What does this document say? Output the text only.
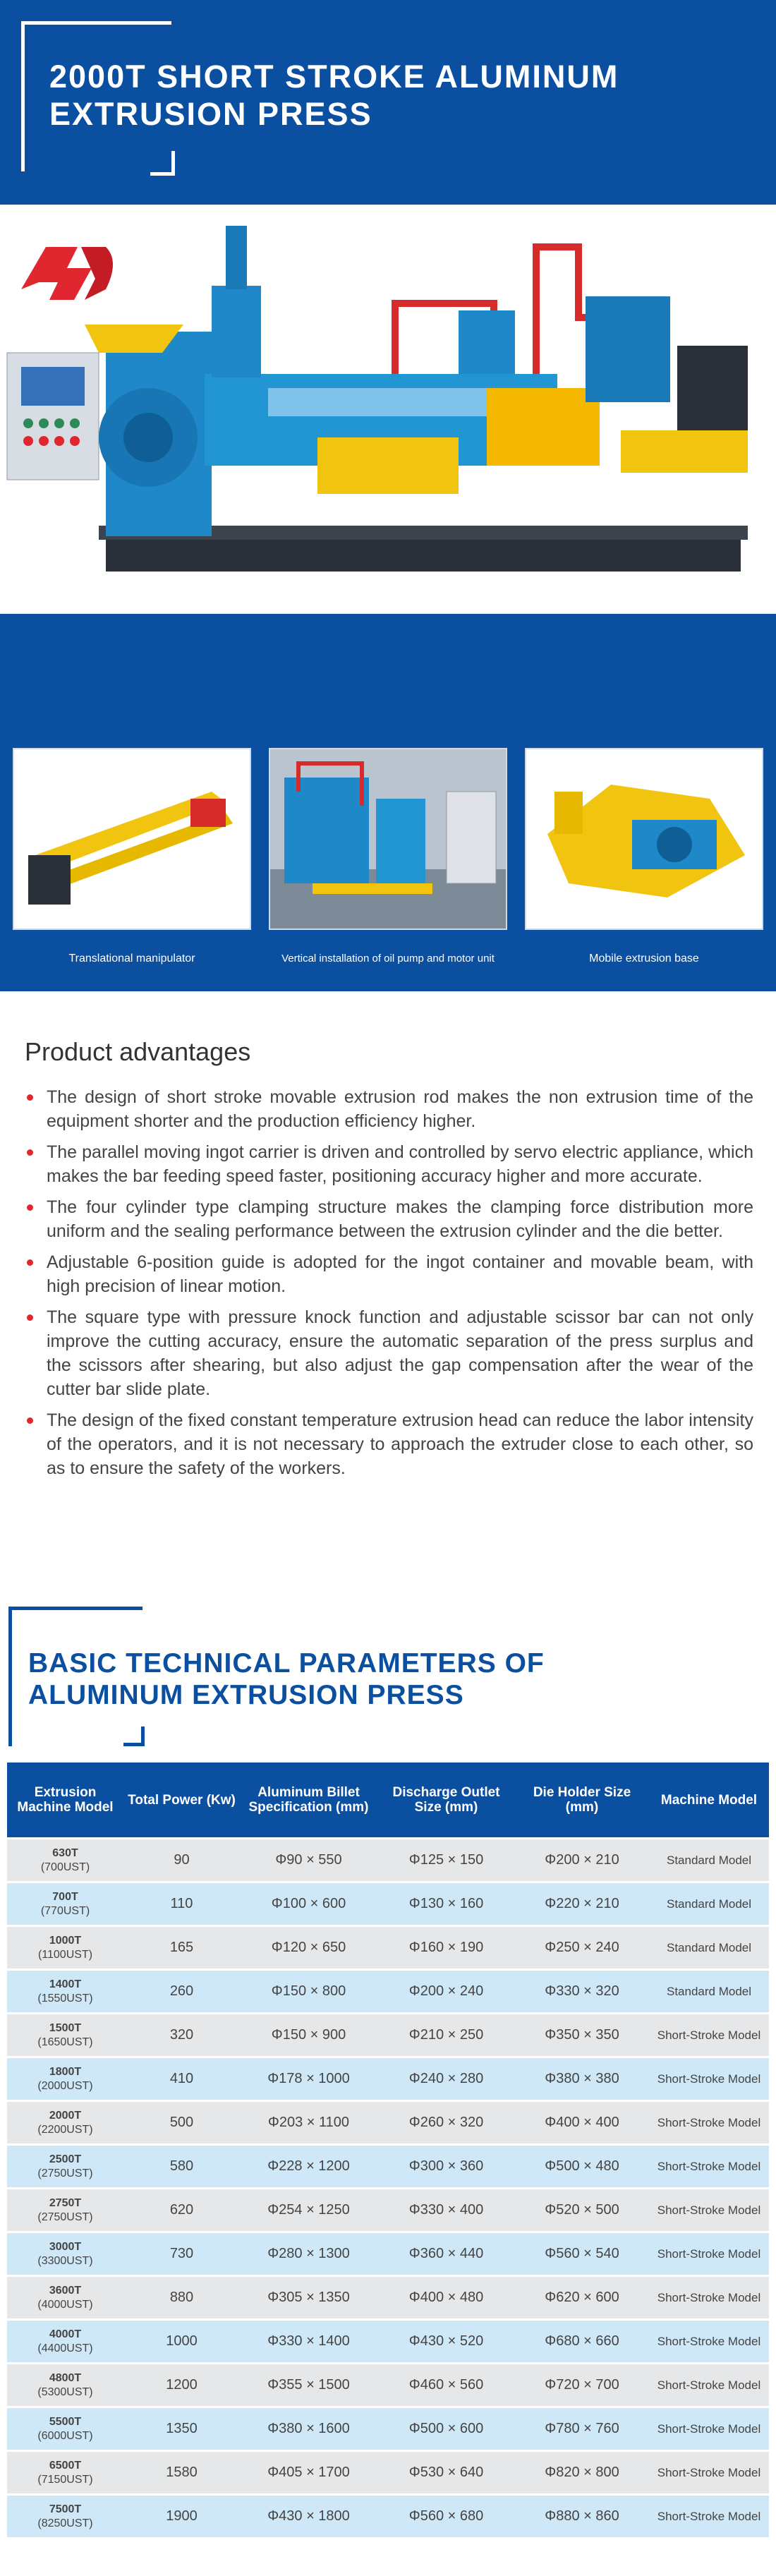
2000T SHORT STROKE ALUMINUM
EXTRUSION PRESS
Translational manipulator	Vertical installation of oil pump and motor unit	Mobile extrusion base
Product advantages
The design of short stroke movable extrusion rod makes the non extrusion time of the equipment shorter and the production efficiency higher.
The parallel moving ingot carrier is driven and controlled by servo electric appliance, which makes the bar feeding speed faster, positioning accuracy higher and more accurate.
The four cylinder type clamping structure makes the clamping force distribution more uniform and the sealing performance between the extrusion cylinder and the die better.
Adjustable 6-position guide is adopted for the ingot container and movable beam, with high precision of linear motion.
The square type with pressure knock function and adjustable scissor bar can not only improve the cutting accuracy, ensure the automatic separation of the press surplus and the scissors after shearing, but also adjust the gap compensation after the wear of the cutter bar slide plate.
The design of the fixed constant temperature extrusion head can reduce the labor intensity of the operators, and it is not necessary to approach the extruder close to each other, so as to ensure the safety of the workers.
BASIC TECHNICAL PARAMETERS OF
ALUMINUM EXTRUSION PRESS
Extrusion Machine Model	Total Power (Kw)	Aluminum Billet Specification (mm)	Discharge Outlet Size (mm)	Die Holder Size (mm)	Machine Model

630T
(700UST)	90	Φ90 × 550	Φ125 × 150	Φ200 × 210	Standard Model

700T
(770UST)	110	Φ100 × 600	Φ130 × 160	Φ220 × 210	Standard Model

1000T
(1100UST)	165	Φ120 × 650	Φ160 × 190	Φ250 × 240	Standard Model

1400T
(1550UST)	260	Φ150 × 800	Φ200 × 240	Φ330 × 320	Standard Model

1500T
(1650UST)	320	Φ150 × 900	Φ210 × 250	Φ350 × 350	Short-Stroke Model

1800T
(2000UST)	410	Φ178 × 1000	Φ240 × 280	Φ380 × 380	Short-Stroke Model

2000T
(2200UST)	500	Φ203 × 1100	Φ260 × 320	Φ400 × 400	Short-Stroke Model

2500T
(2750UST)	580	Φ228 × 1200	Φ300 × 360	Φ500 × 480	Short-Stroke Model

2750T
(2750UST)	620	Φ254 × 1250	Φ330 × 400	Φ520 × 500	Short-Stroke Model

3000T
(3300UST)	730	Φ280 × 1300	Φ360 × 440	Φ560 × 540	Short-Stroke Model

3600T
(4000UST)	880	Φ305 × 1350	Φ400 × 480	Φ620 × 600	Short-Stroke Model

4000T
(4400UST)	1000	Φ330 × 1400	Φ430 × 520	Φ680 × 660	Short-Stroke Model

4800T
(5300UST)	1200	Φ355 × 1500	Φ460 × 560	Φ720 × 700	Short-Stroke Model

5500T
(6000UST)	1350	Φ380 × 1600	Φ500 × 600	Φ780 × 760	Short-Stroke Model

6500T
(7150UST)	1580	Φ405 × 1700	Φ530 × 640	Φ820 × 800	Short-Stroke Model

7500T
(8250UST)	1900	Φ430 × 1800	Φ560 × 680	Φ880 × 860	Short-Stroke Model
